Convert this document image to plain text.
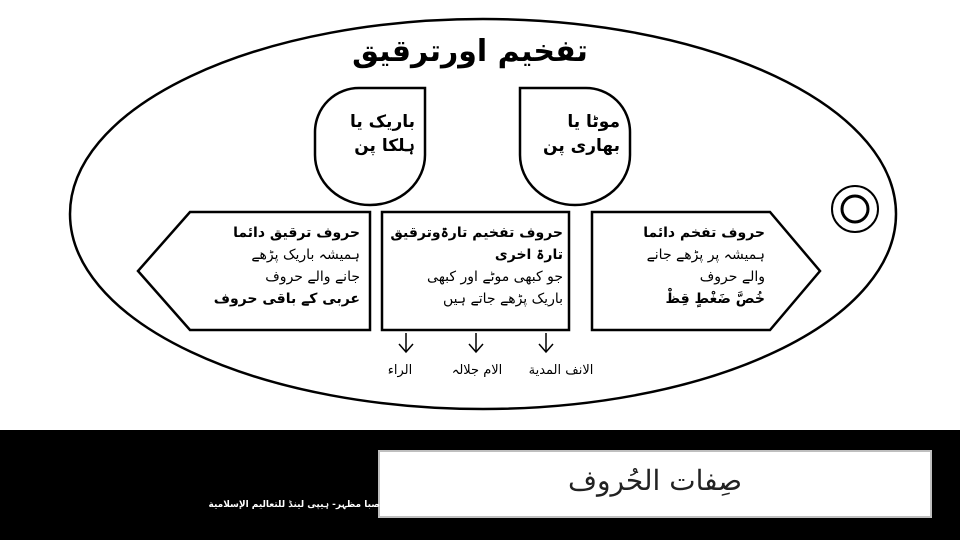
تفخیم اورترقیق
باریک یا
ہلکا پن
موٹا یا
بھاری پن
حروف ترقیق دائما
ہمیشہ باریک پڑھے
جانے والے حروف
عربی کے باقی حروف
حروف تفخیم تارۃوترقیق
تارۃ اخری
جو کبھی موٹے اور کبھی
باریک پڑھے جاتے ہیں
حروف تفخم دائما
ہمیشہ پر پڑھے جانے
والے حروف
خُصَّ ضَغْطٍ قِظْ
الانف المدیة
الام جلالہ
الراء
صِفات الحُروف
صبا مظہر- ہیپی لینڈ للتعالیم الإسلامیة
